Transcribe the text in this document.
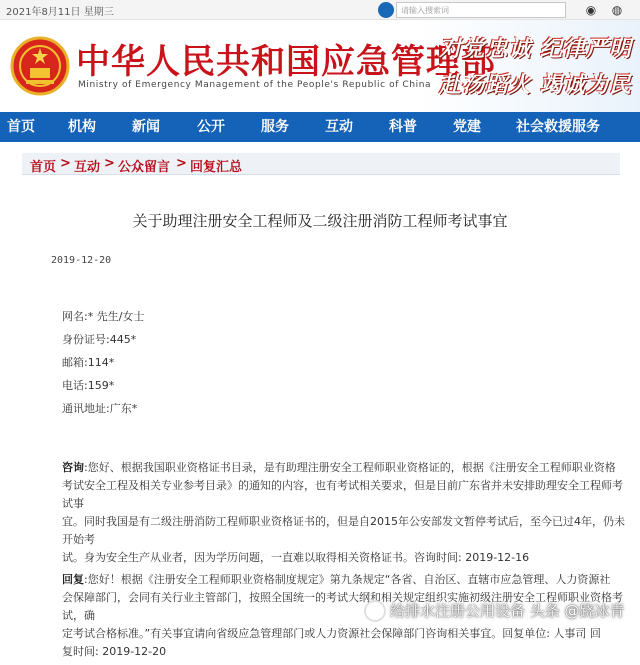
2021年8月11日 星期三	请输入搜索词	◉	◍
中华人民共和国应急管理部
Ministry of Emergency Management of the People's Republic of China
对党忠诚 纪律严明
赴汤蹈火 竭诚为民
首页 机构	新闻	公开	服务	互动	科普	党建	社会救援服务
首页 > 互动 > 公众留言 > 回复汇总
关于助理注册安全工程师及二级注册消防工程师考试事宜
2019-12-20
网名:* 先生/女士
身份证号:445*
邮箱:114*
电话:159*
通讯地址:广东*
咨询:您好、根据我国职业资格证书目录，是有助理注册安全工程师职业资格证的，根据《注册安全工程师职业资格
考试安全工程及相关专业参考目录》的通知的内容，也有考试相关要求，但是目前广东省并未安排助理安全工程师考试事
宜。同时我国是有二级注册消防工程师职业资格证书的，但是自2015年公安部发文暂停考试后，至今已过4年，仍未开始考
试。身为安全生产从业者，因为学历问题，一直难以取得相关资格证书。咨询时间: 2019-12-16
回复:您好！根据《注册安全工程师职业资格制度规定》第九条规定“各省、自治区、直辖市应急管理、人力资源社
会保障部门，会同有关行业主管部门，按照全国统一的考试大纲和相关规定组织实施初级注册安全工程师职业资格考试，确
定考试合格标准。”有关事宜请向省级应急管理部门或人力资源社会保障部门咨询相关事宜。回复单位: 人事司 回
复时间: 2019-12-20
给排水注册公用设备 头条 @跷冰青
